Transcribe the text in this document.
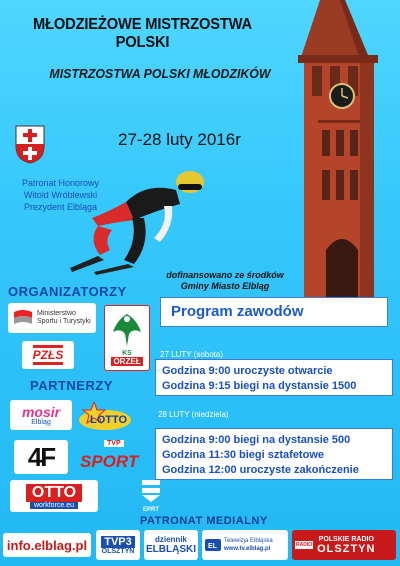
MŁODZIEŻOWE MISTRZOSTWA POLSKI
MISTRZOSTWA POLSKI MŁODZIKÓW
27-28 luty 2016r
Patronat Honorowy
Witold Wróblewski
Prezydent Elbląga
dofinansowano ze środków
Gminy Miasto Elbląg
ORGANIZATORZY
Ministerstwo Sportu i Turystyki
KS
ORZEŁ
PZŁS
Program zawodów
27 LUTY (sobota)
Godzina 9:00 uroczyste otwarcie
Godzina 9:15 biegi na dystansie 1500
PARTNERZY
28 LUTY (niedziela)
Godzina 9:00 biegi na dystansie 500
Godzina 11:30 biegi sztafetowe
Godzina 12:00 uroczyste zakończenie
mosir
Elbląg	LOTTO
4F	TVP
SPORT
OTTO
workforce.eu
EPRT
PATRONAT MEDIALNY
info.elblag.pl TVP3
OLSZTYN
dziennik
ELBLĄSKI EL
Telewizja Elbląska
www.tv.elblag.pl
RADIO
POLSKIE RADIO
OLSZTYN
